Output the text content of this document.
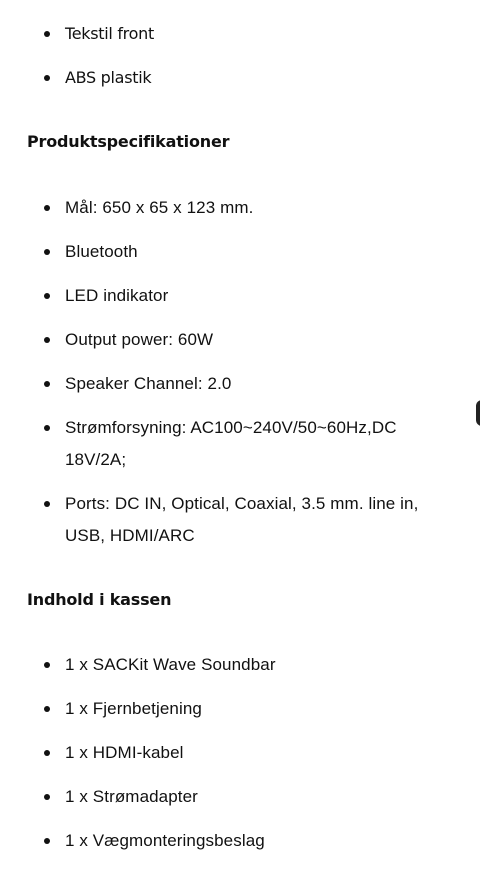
Tekstil front
ABS plastik
Produktspecifikationer
Mål: 650 x 65 x 123 mm.
Bluetooth
LED indikator
Output power: 60W
Speaker Channel: 2.0
Strømforsyning: AC100~240V/50~60Hz,DC 18V/2A;
Ports: DC IN, Optical, Coaxial, 3.5 mm. line in, USB, HDMI/ARC
Indhold i kassen
1 x SACKit Wave Soundbar
1 x Fjernbetjening
1 x HDMI-kabel
1 x Strømadapter
1 x Vægmonteringsbeslag
